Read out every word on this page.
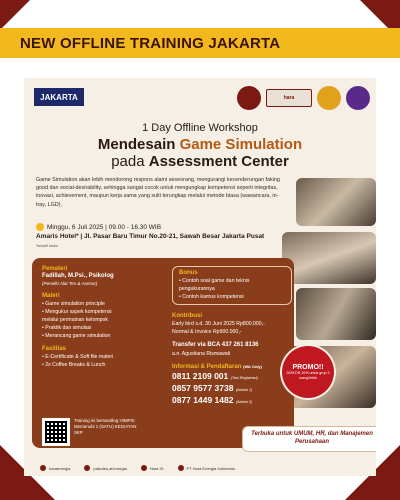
NEW OFFLINE TRAINING JAKARTA
JAKARTA	hara
1 Day Offline Workshop
Mendesain Game Simulation
pada Assessment Center
Game Simulation akan lebih mendorong respons alami seseorang, mengurangi kecenderungan faking good dan social-desirability, sehingga sangat cocok untuk mengungkap kompetensi seperti integritas, inovasi, achievement, maupun kerja sama yang sulit terungkap melalui metode biasa (wawancara, in-tray, LGD).
Minggu, 6 Juli 2025 | 09.00 - 16.30 WIB
Amaris Hotel* | Jl. Pasar Baru Timur No.20-21, Sawah Besar Jakarta Pusat
*tentatif lokasi
Pemateri
Fadillah, M.Psi., Psikolog
(Peneliti Alat Tes & Asesor)
Materi
• Game simulation principle
• Mengukur aspek kompetensi
melalui permainan kelompok
• Praktik dan simulasi
• Merancang game simulation
Fasilitas
• E-Certificate & Soft file materi
• 2x Coffee Breaks & Lunch
Training ini bersanding HIMPSI Memenuhi 1 (SATU) KEGIATAN SKP
Bonus
• Contoh soal game dan teknis
pengukurannya
• Contoh kamus kompetensi
Kontribusi
Early bird s.d. 30 Juni 2025 Rp800.000,-
Normal & Invoice Rp900.000,-
Transfer via BCA 437 261 8136
a.n. Agustiana Rismawati
Informasi & Pendaftaran (WA Only)
0811 2109 001 (Tasi Registrasi)
0857 9577 3738 (Admin 1)
0877 1449 1482 (Admin 2)
PROMO!!
DISKON 10% untuk grup 3 orang/lebih
Terbuka untuk UMUM, HR, dan Manajemen Perusahaan
haraenergia	psikotes.ai/energia	Hara ID	PT Hara Energia Indonesia
